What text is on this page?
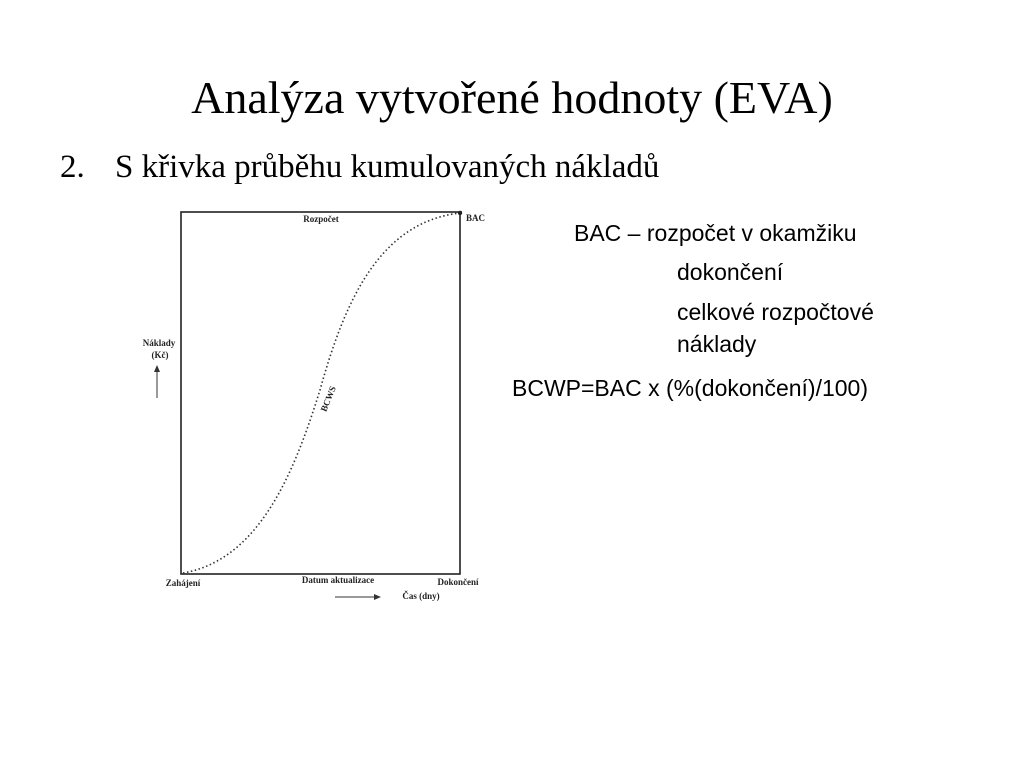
Analýza vytvořené hodnoty (EVA)
2. S křivka průběhu kumulovaných nákladů
Rozpočet	BAC
Náklady
(Kč)
BCWS
Zahájení	Datum aktualizace	Dokončení
Čas (dny)
BAC – rozpočet v okamžiku
dokončení
celkové rozpočtové
náklady
BCWP=BAC x (%(dokončení)/100)
